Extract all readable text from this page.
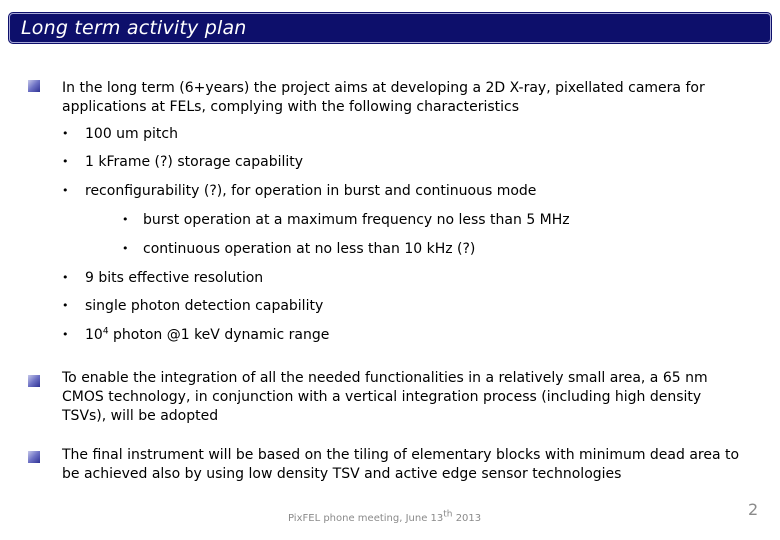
Long term activity plan
In the long term (6+years) the project aims at developing a 2D X-ray, pixellated camera for applications at FELs, complying with the following characteristics
• 100 um pitch
• 1 kFrame (?) storage capability
• reconfigurability (?), for operation in burst and continuous mode
• burst operation at a maximum frequency no less than 5 MHz
• continuous operation at no less than 10 kHz (?)
• 9 bits effective resolution
• single photon detection capability
• $10^4$ photon @1 keV dynamic range
To enable the integration of all the needed functionalities in a relatively small area, a 65 nm CMOS technology, in conjunction with a vertical integration process (including high density TSVs), will be adopted
The final instrument will be based on the tiling of elementary blocks with minimum dead area to be achieved also by using low density TSV and active edge sensor technologies
PixFEL phone meeting, June 13th 2013	2
